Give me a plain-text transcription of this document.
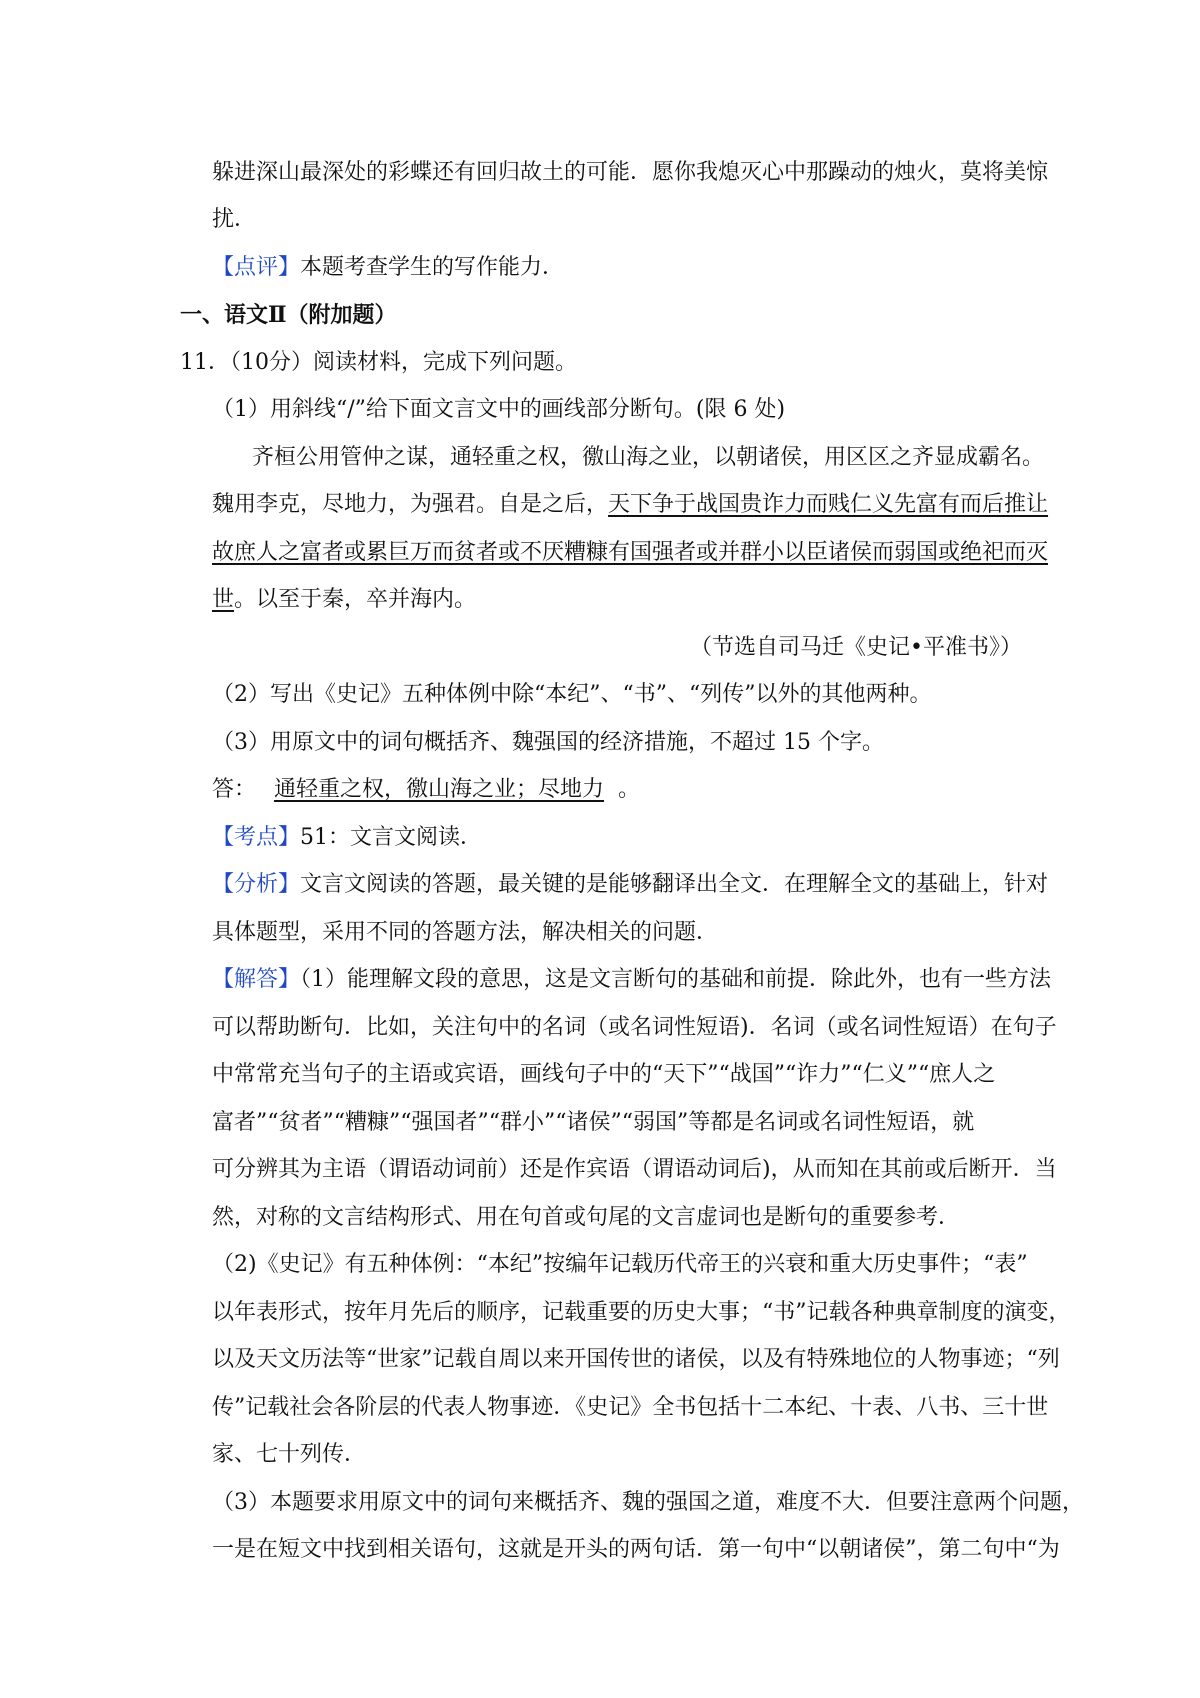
躲进深山最深处的彩蝶还有回归故土的可能．愿你我熄灭心中那躁动的烛火，莫将美惊
扰．
【点评】本题考查学生的写作能力．
一、语文Ⅱ（附加题）
11．（10分）阅读材料，完成下列问题。
（1）用斜线“/”给下面文言文中的画线部分断句。(限 6 处)
齐桓公用管仲之谋，通轻重之权，徼山海之业，以朝诸侯，用区区之齐显成霸名。
魏用李克，尽地力，为强君。自是之后，天下争于战国贵诈力而贱仁义先富有而后推让
故庶人之富者或累巨万而贫者或不厌糟糠有国强者或并群小以臣诸侯而弱国或绝祀而灭
世。以至于秦，卒并海内。
（节选自司马迁《史记•平准书》）
（2）写出《史记》五种体例中除“本纪”、“书”、“列传”以外的其他两种。
（3）用原文中的词句概括齐、魏强国的经济措施，不超过 15 个字。
答： 通轻重之权，徼山海之业；尽地力 。
【考点】51：文言文阅读．
【分析】文言文阅读的答题，最关键的是能够翻译出全文．在理解全文的基础上，针对
具体题型，采用不同的答题方法，解决相关的问题．
【解答】（1）能理解文段的意思，这是文言断句的基础和前提．除此外，也有一些方法
可以帮助断句．比如，关注句中的名词（或名词性短语)．名词（或名词性短语）在句子
中常常充当句子的主语或宾语，画线句子中的“天下”“战国”“诈力”“仁义”“庶人之
富者”“贫者”“糟糠”“强国者”“群小”“诸侯”“弱国”等都是名词或名词性短语，就
可分辨其为主语（谓语动词前）还是作宾语（谓语动词后)，从而知在其前或后断开．当
然，对称的文言结构形式、用在句首或句尾的文言虚词也是断句的重要参考．
（2)《史记》有五种体例：“本纪”按编年记载历代帝王的兴衰和重大历史事件；“表”
以年表形式，按年月先后的顺序，记载重要的历史大事；“书”记载各种典章制度的演变，
以及天文历法等“世家”记载自周以来开国传世的诸侯，以及有特殊地位的人物事迹；“列
传”记载社会各阶层的代表人物事迹．《史记》全书包括十二本纪、十表、八书、三十世
家、七十列传．
（3）本题要求用原文中的词句来概括齐、魏的强国之道，难度不大．但要注意两个问题，
一是在短文中找到相关语句，这就是开头的两句话．第一句中“以朝诸侯”，第二句中“为
